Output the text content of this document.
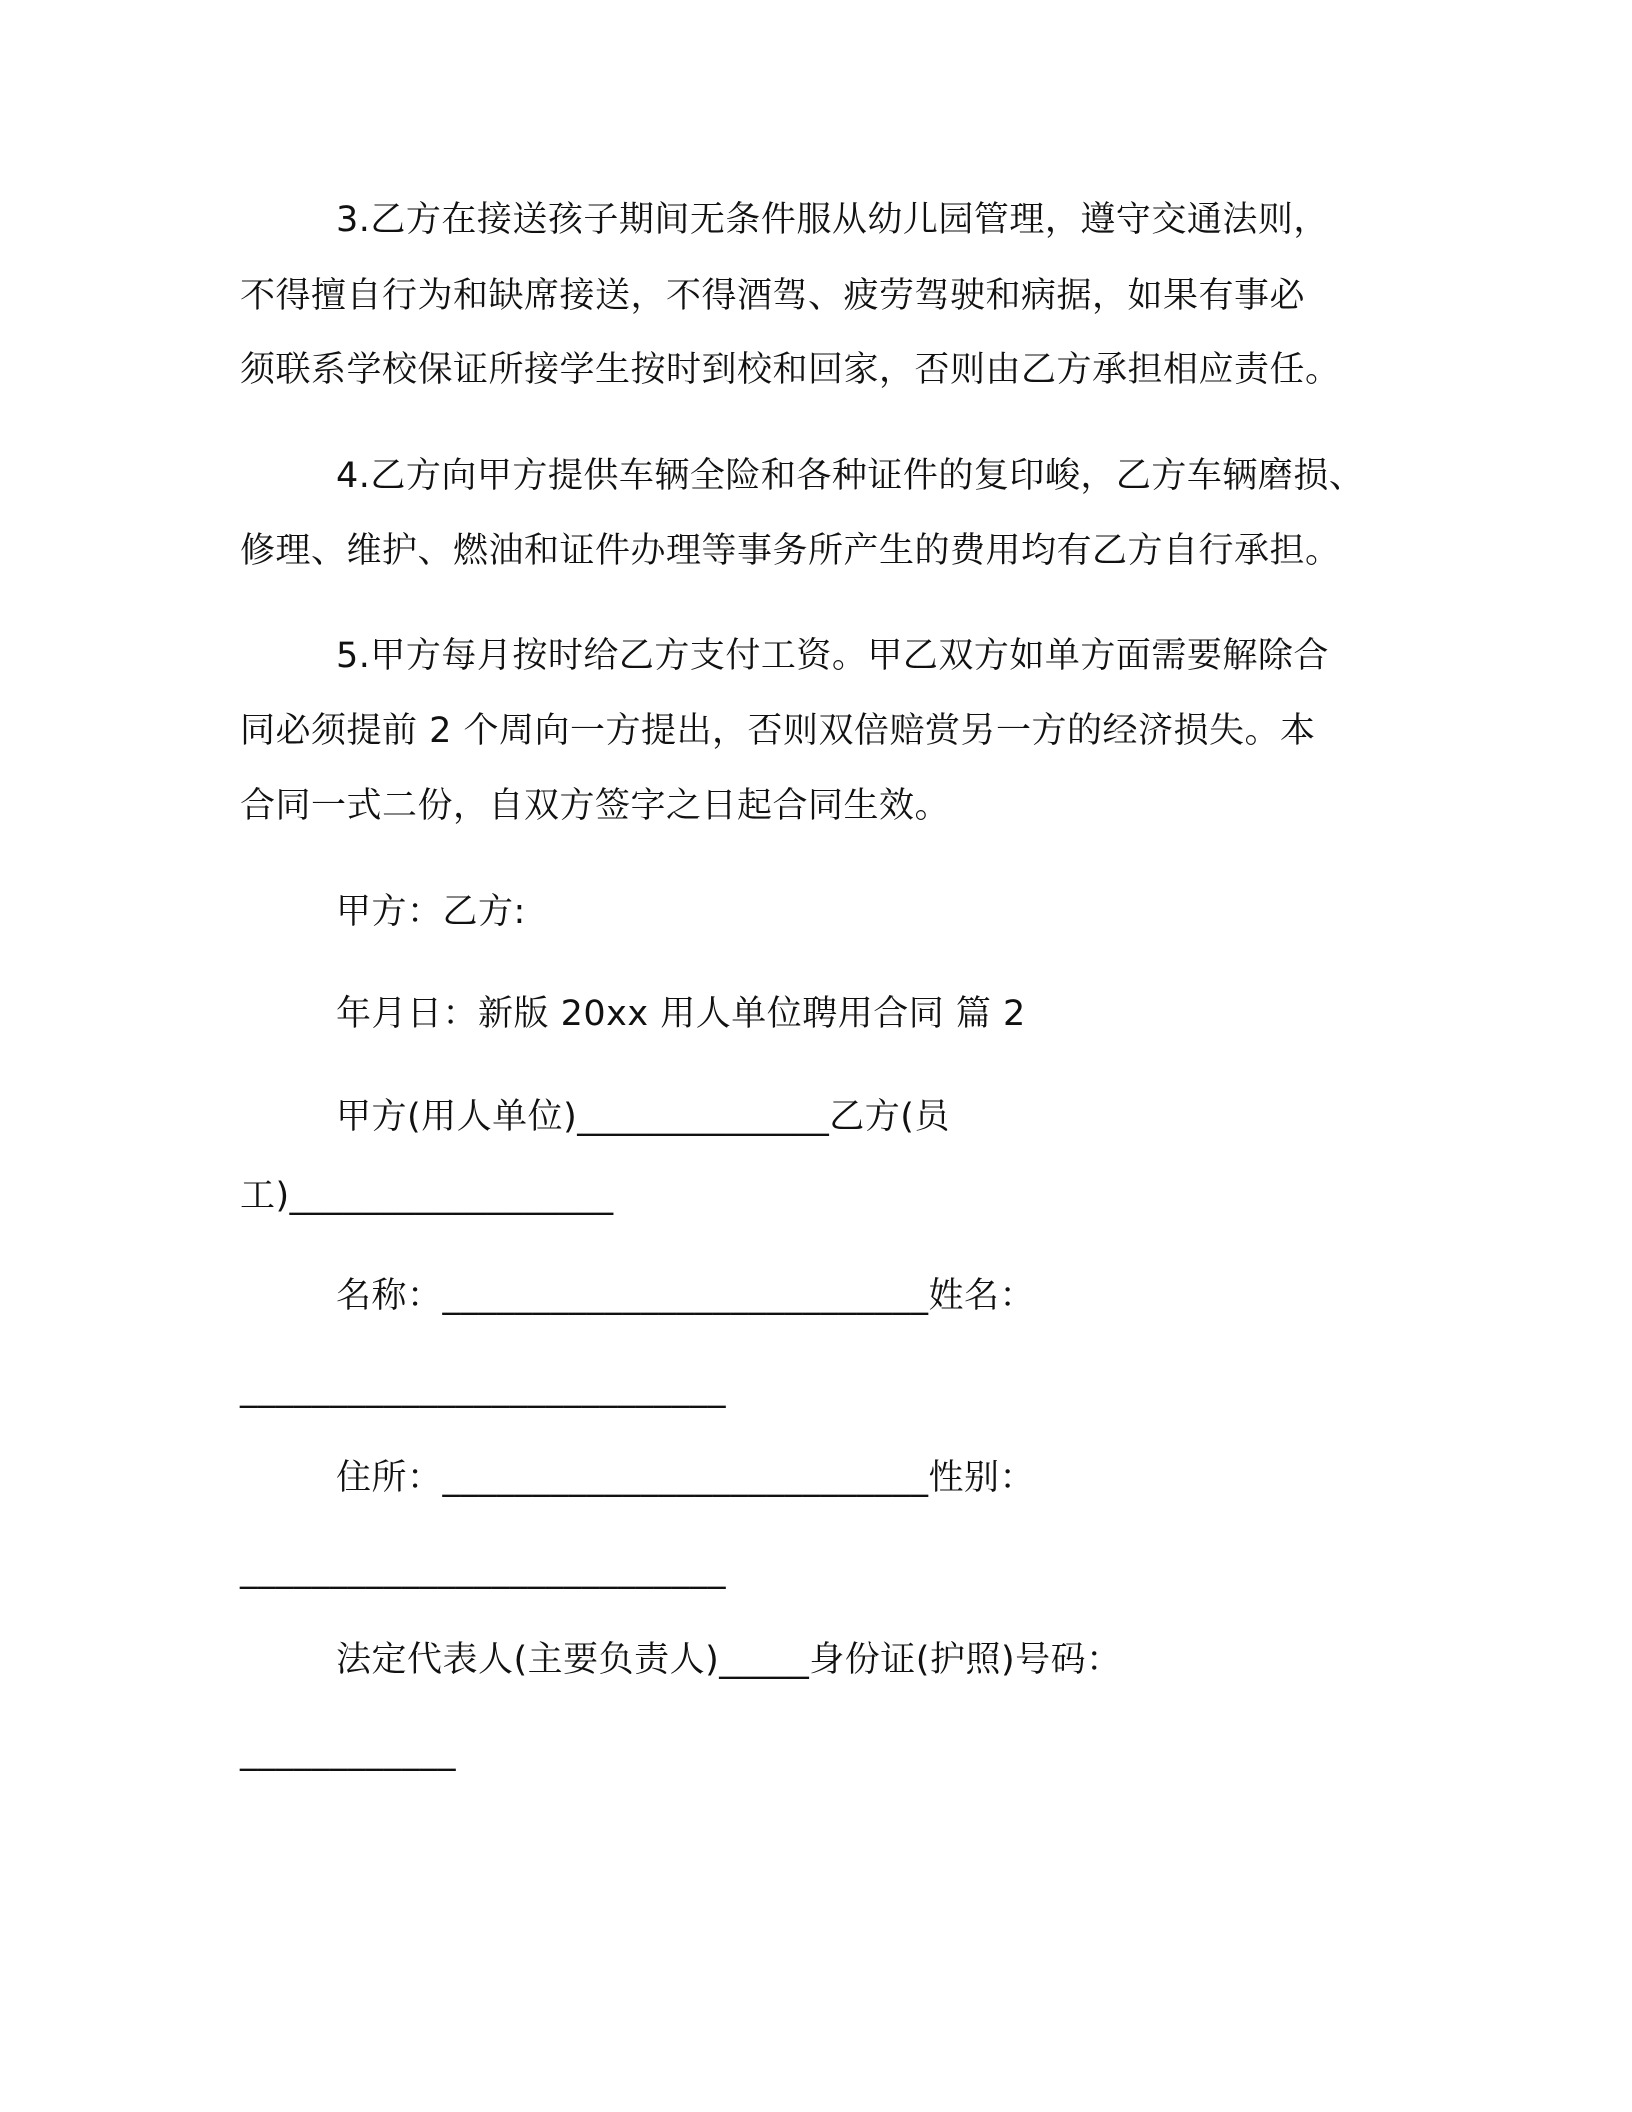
3.乙方在接送孩子期间无条件服从幼儿园管理，遵守交通法则，
不得擅自行为和缺席接送，不得酒驾、疲劳驾驶和病据，如果有事必
须联系学校保证所接学生按时到校和回家，否则由乙方承担相应责任。
4.乙方向甲方提供车辆全险和各种证件的复印峻，乙方车辆磨损、
修理、维护、燃油和证件办理等事务所产生的费用均有乙方自行承担。
5.甲方每月按时给乙方支付工资。甲乙双方如单方面需要解除合
同必须提前 2 个周向一方提出，否则双倍赔赏另一方的经济损失。本
合同一式二份，自双方签字之日起合同生效。
甲方：乙方:
年月日：新版 20xx 用人单位聘用合同 篇 2
甲方(用人单位)______________乙方(员
工)__________________
名称：___________________________姓名：
___________________________
住所：___________________________性别：
___________________________
法定代表人(主要负责人)_____身份证(护照)号码：
____________
